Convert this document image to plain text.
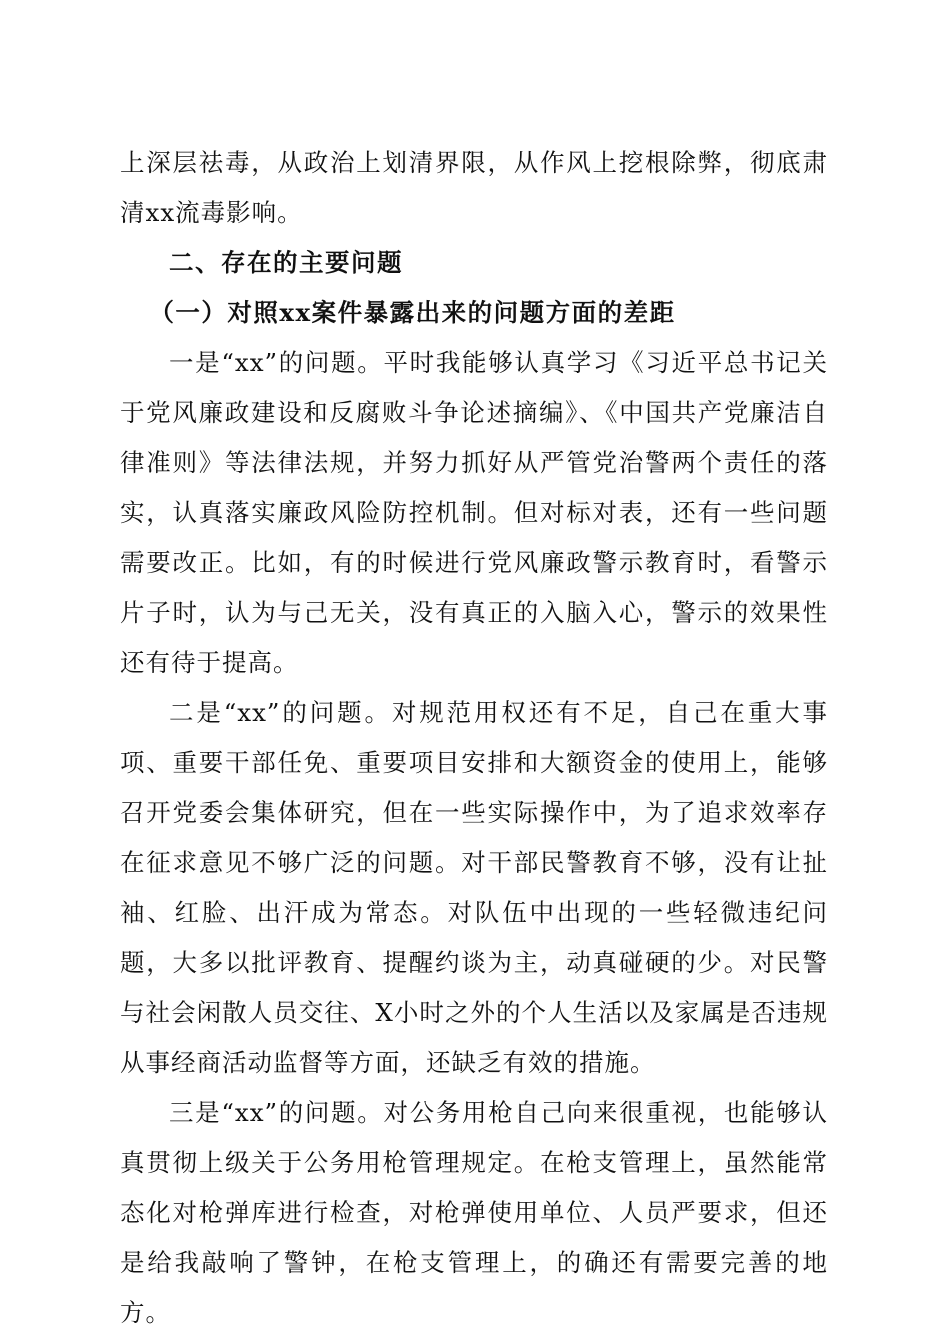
上深层祛毒，从政治上划清界限，从作风上挖根除弊，彻底肃清xx流毒影响。

二、存在的主要问题

（一）对照xx案件暴露出来的问题方面的差距

一是“xx”的问题。平时我能够认真学习《习近平总书记关于党风廉政建设和反腐败斗争论述摘编》、《中国共产党廉洁自律准则》等法律法规，并努力抓好从严管党治警两个责任的落实，认真落实廉政风险防控机制。但对标对表，还有一些问题需要改正。比如，有的时候进行党风廉政警示教育时，看警示片子时，认为与己无关，没有真正的入脑入心，警示的效果性还有待于提高。

二是“xx”的问题。对规范用权还有不足，自己在重大事项、重要干部任免、重要项目安排和大额资金的使用上，能够召开党委会集体研究，但在一些实际操作中，为了追求效率存在征求意见不够广泛的问题。对干部民警教育不够，没有让扯袖、红脸、出汗成为常态。对队伍中出现的一些轻微违纪问题，大多以批评教育、提醒约谈为主，动真碰硬的少。对民警与社会闲散人员交往、X小时之外的个人生活以及家属是否违规从事经商活动监督等方面，还缺乏有效的措施。

三是“xx”的问题。对公务用枪自己向来很重视，也能够认真贯彻上级关于公务用枪管理规定。在枪支管理上，虽然能常态化对枪弹库进行检查，对枪弹使用单位、人员严要求，但还是给我敲响了警钟，在枪支管理上，的确还有需要完善的地方。
